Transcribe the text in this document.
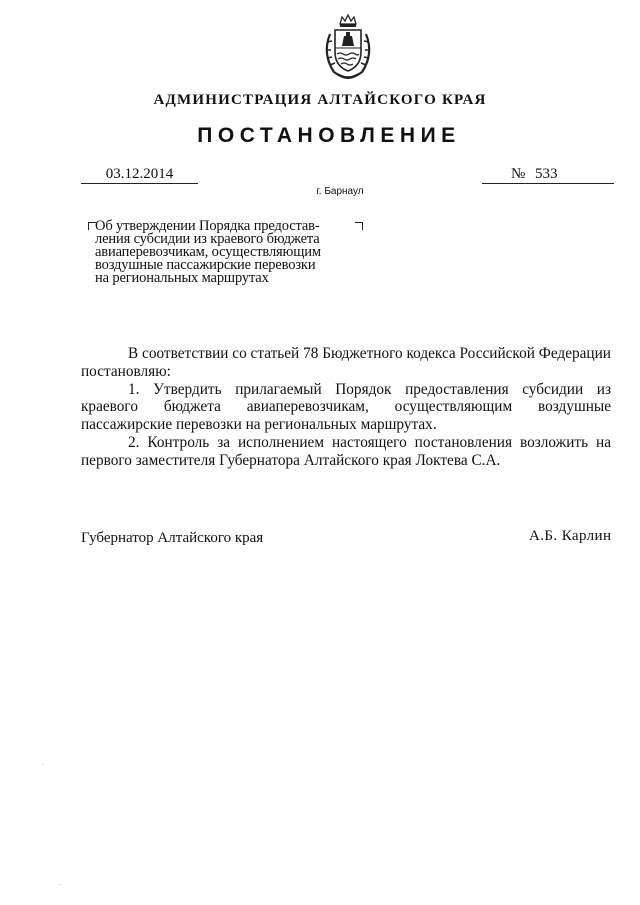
АДМИНИСТРАЦИЯ АЛТАЙСКОГО КРАЯ
ПОСТАНОВЛЕНИЕ
03.12.2014	№ 533
г. Барнаул
Об утверждении Порядка предостав-
ления субсидии из краевого бюджета
авиаперевозчикам, осуществляющим
воздушные пассажирские перевозки
на региональных маршрутах

В соответствии со статьей 78 Бюджетного кодекса Российской Федерации постановляю:

1. Утвердить прилагаемый Порядок предоставления субсидии из краевого бюджета авиаперевозчикам, осуществляющим воздушные пассажирские перевозки на региональных маршрутах.

2. Контроль за исполнением настоящего постановления возложить на первого заместителя Губернатора Алтайского края Локтева С.А.

Губернатор Алтайского края	А.Б. Карлин
